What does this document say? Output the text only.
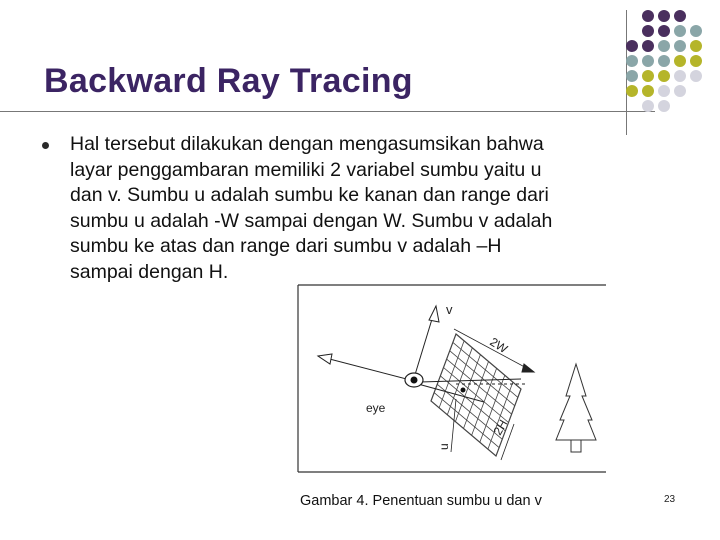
Backward Ray Tracing

Hal tersebut dilakukan dengan mengasumsikan bahwa
layar penggambaran memiliki 2 variabel sumbu yaitu u
dan v. Sumbu u adalah sumbu ke kanan dan range dari
sumbu u adalah -W sampai dengan W. Sumbu v adalah
sumbu ke atas dan range dari sumbu v adalah –H
sampai dengan H.

v
2W
eye
2H
u

Gambar 4. Penentuan sumbu u dan v	23
